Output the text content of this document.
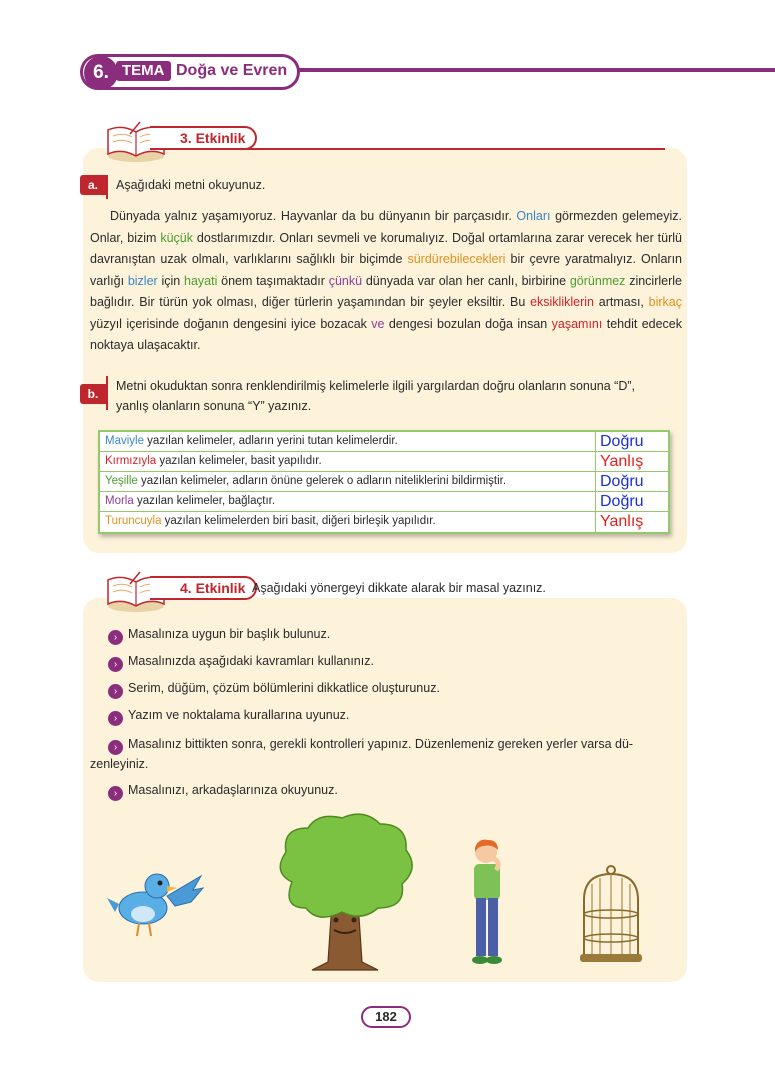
6. TEMA Doğa ve Evren
3. Etkinlik
a.	Aşağıdaki metni okuyunuz.
Dünyada yalnız yaşamıyoruz. Hayvanlar da bu dünyanın bir parçasıdır. Onları görmezden gelemeyiz. Onlar, bizim küçük dostlarımızdır. Onları sevmeli ve korumalıyız. Doğal ortamlarına zarar verecek her türlü davranıştan uzak olmalı, varlıklarını sağlıklı bir biçimde sürdürebilecekleri bir çevre yaratmalıyız. Onların varlığı bizler için hayati önem taşımaktadır çünkü dünyada var olan her canlı, birbirine görünmez zincirlerle bağlıdır. Bir türün yok olması, diğer türlerin yaşamından bir şeyler eksiltir. Bu eksikliklerin artması, birkaç yüzyıl içerisinde doğanın dengesini iyice bozacak ve dengesi bozulan doğa insan yaşamını tehdit edecek noktaya ulaşacaktır.
b.
Metni okuduktan sonra renklendirilmiş kelimelerle ilgili yargılardan doğru olanların sonuna “D”,
yanlış olanların sonuna “Y” yazınız.
Maviyle yazılan kelimeler, adların yerini tutan kelimelerdir.	Doğru
Kırmızıyla yazılan kelimeler, basit yapılıdır.	Yanlış
Yeşille yazılan kelimeler, adların önüne gelerek o adların niteliklerini bildirmiştir.	Doğru
Morla yazılan kelimeler, bağlaçtır.	Doğru
Turuncuyla yazılan kelimelerden biri basit, diğeri birleşik yapılıdır.	Yanlış
4. Etkinlik Aşağıdaki yönergeyi dikkate alarak bir masal yazınız.
› Masalınıza uygun bir başlık bulunuz.
› Masalınızda aşağıdaki kavramları kullanınız.
› Serim, düğüm, çözüm bölümlerini dikkatlice oluşturunuz.
› Yazım ve noktalama kurallarına uyunuz.
› Masalınız bittikten sonra, gerekli kontrolleri yapınız. Düzenlemeniz gereken yerler varsa dü-
zenleyiniz.
› Masalınızı, arkadaşlarınıza okuyunuz.
182
